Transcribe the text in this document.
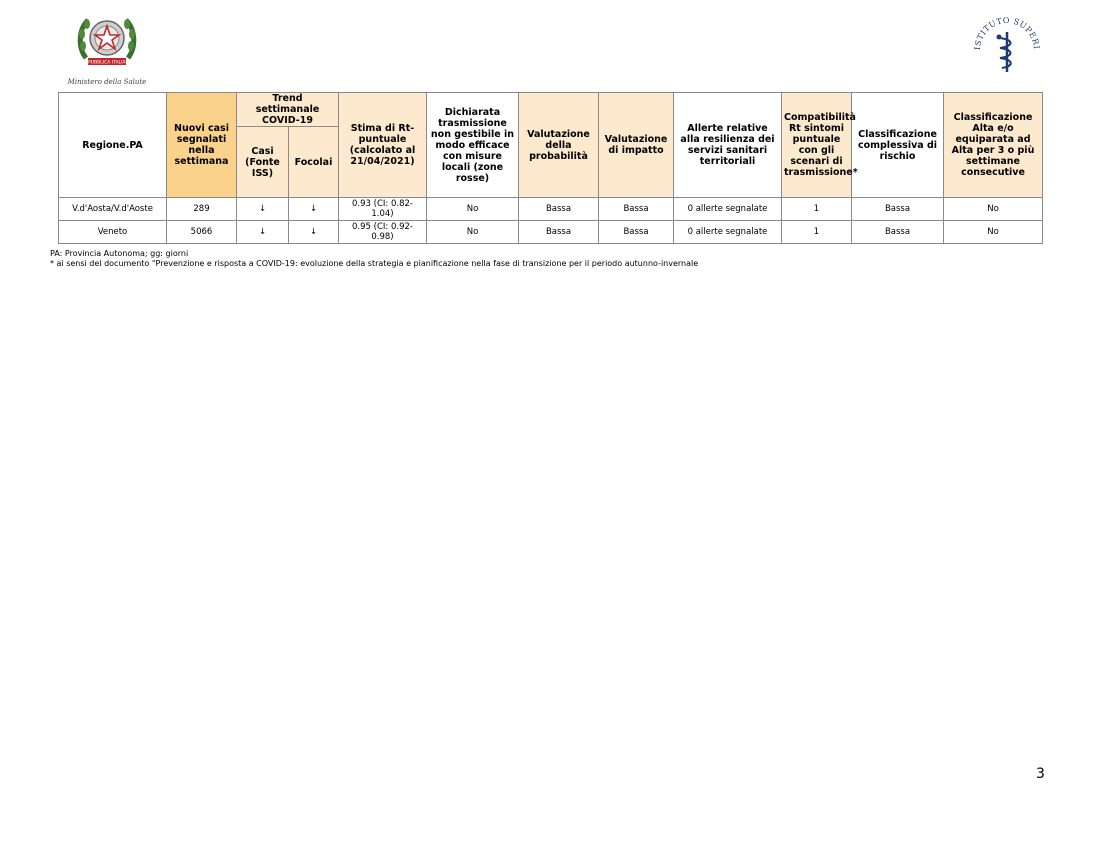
REPUBBLICA ITALIANA
Ministero della Salute
ISTITUTO SUPERI
Regione.PA	Nuovi casi segnalati nella settimana	Trend settimanale COVID-19		Stima di Rt-puntuale (calcolato al 21/04/2021)	Dichiarata trasmissione non gestibile in modo efficace con misure locali (zone rosse)	Valutazione della probabilità	Valutazione di impatto	Allerte relative alla resilienza dei servizi sanitari territoriali	Compatibilità Rt sintomi puntuale con gli scenari di trasmissione*	Classificazione complessiva di rischio	Classificazione Alta e/o equiparata ad Alta per 3 o più settimane consecutive
		Casi (Fonte ISS)	Focolai								
V.d'Aosta/V.d'Aoste	289	↓	↓	0.93 (CI: 0.82-1.04)	No	Bassa	Bassa	0 allerte segnalate	1	Bassa	No
Veneto	5066	↓	↓	0.95 (CI: 0.92-0.98)	No	Bassa	Bassa	0 allerte segnalate	1	Bassa	No
PA: Provincia Autonoma; gg: giorni
* ai sensi del documento "Prevenzione e risposta a COVID-19: evoluzione della strategia e pianificazione nella fase di transizione per il periodo autunno-invernale
3
